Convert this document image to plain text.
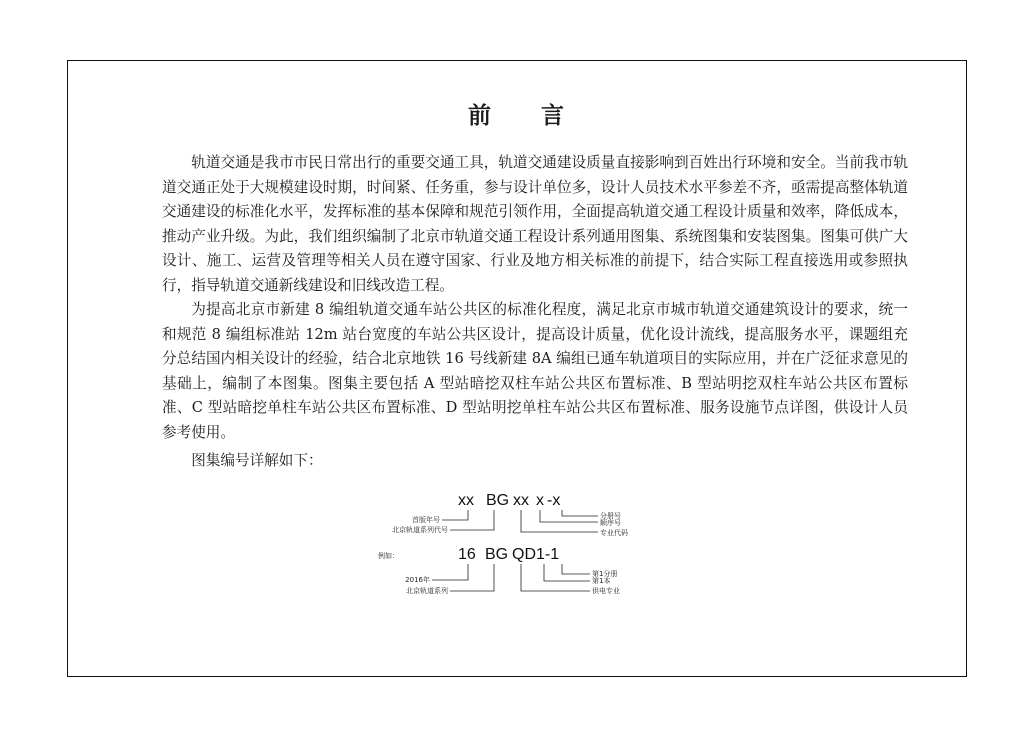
前 言

轨道交通是我市市民日常出行的重要交通工具，轨道交通建设质量直接影响到百姓出行环境和安全。当前我市轨道交通正处于大规模建设时期，时间紧、任务重，参与设计单位多，设计人员技术水平参差不齐，亟需提高整体轨道交通建设的标准化水平，发挥标准的基本保障和规范引领作用，全面提高轨道交通工程设计质量和效率，降低成本，推动产业升级。为此，我们组织编制了北京市轨道交通工程设计系列通用图集、系统图集和安装图集。图集可供广大设计、施工、运营及管理等相关人员在遵守国家、行业及地方相关标准的前提下，结合实际工程直接选用或参照执行，指导轨道交通新线建设和旧线改造工程。

为提高北京市新建 8 编组轨道交通车站公共区的标准化程度，满足北京市城市轨道交通建筑设计的要求，统一和规范 8 编组标准站 12m 站台宽度的车站公共区设计，提高设计质量，优化设计流线，提高服务水平，课题组充分总结国内相关设计的经验，结合北京地铁 16 号线新建 8A 编组已通车轨道项目的实际应用，并在广泛征求意见的基础上，编制了本图集。图集主要包括 A 型站暗挖双柱车站公共区布置标准、B 型站明挖双柱车站公共区布置标准、C 型站暗挖单柱车站公共区布置标准、D 型站明挖单柱车站公共区布置标准、服务设施节点详图，供设计人员参考使用。

图集编号详解如下：

xx BG xx x -x
首版年号
北京轨道系列代号
分册号
顺序号
专业代码
例如：	16 BG QD 1-1
2016年
北京轨道系列
第1分册
第1本
供电专业
